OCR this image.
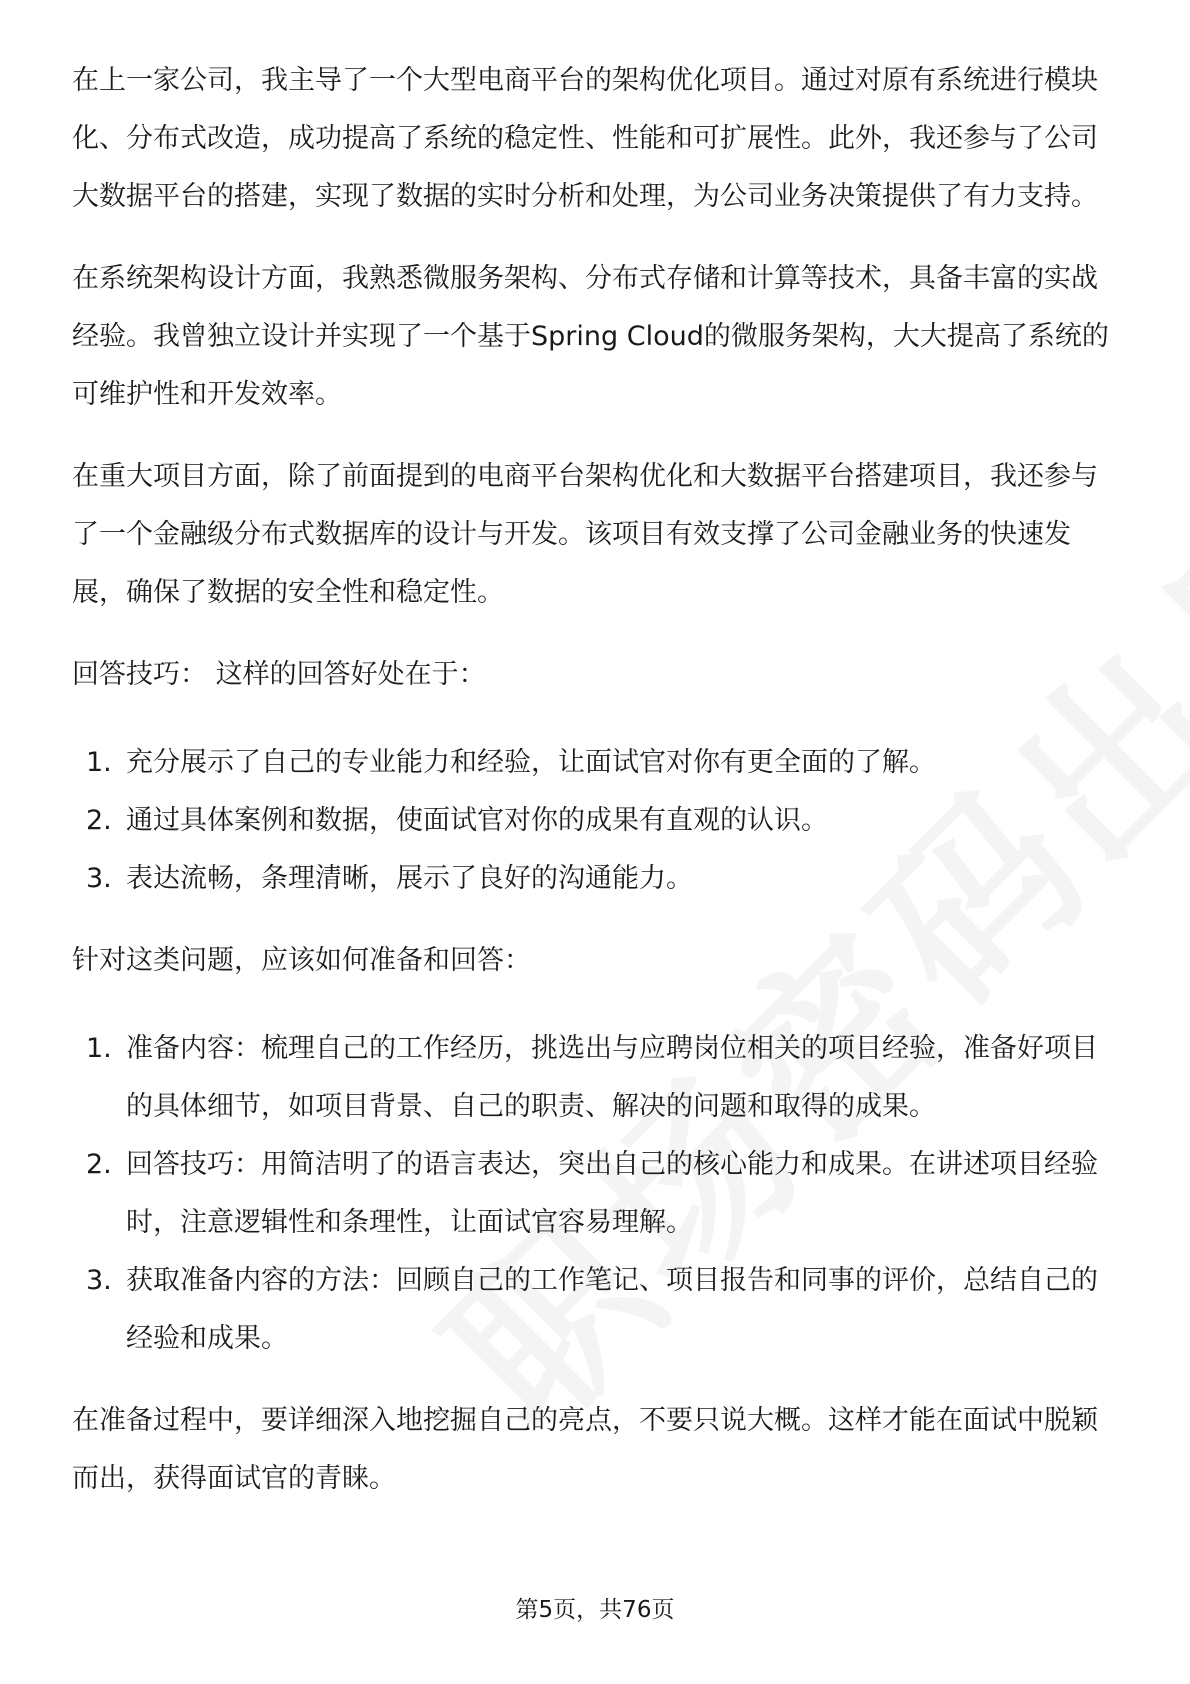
在上一家公司，我主导了一个大型电商平台的架构优化项目。通过对原有系统进行模块化、分布式改造，成功提高了系统的稳定性、性能和可扩展性。此外，我还参与了公司大数据平台的搭建，实现了数据的实时分析和处理，为公司业务决策提供了有力支持。

在系统架构设计方面，我熟悉微服务架构、分布式存储和计算等技术，具备丰富的实战经验。我曾独立设计并实现了一个基于Spring Cloud的微服务架构，大大提高了系统的可维护性和开发效率。

在重大项目方面，除了前面提到的电商平台架构优化和大数据平台搭建项目，我还参与了一个金融级分布式数据库的设计与开发。该项目有效支撑了公司金融业务的快速发展，确保了数据的安全性和稳定性。

回答技巧： 这样的回答好处在于：

1. 充分展示了自己的专业能力和经验，让面试官对你有更全面的了解。
2. 通过具体案例和数据，使面试官对你的成果有直观的认识。
3. 表达流畅，条理清晰，展示了良好的沟通能力。

针对这类问题，应该如何准备和回答：

1. 准备内容：梳理自己的工作经历，挑选出与应聘岗位相关的项目经验，准备好项目的具体细节，如项目背景、自己的职责、解决的问题和取得的成果。
2. 回答技巧：用简洁明了的语言表达，突出自己的核心能力和成果。在讲述项目经验时，注意逻辑性和条理性，让面试官容易理解。
3. 获取准备内容的方法：回顾自己的工作笔记、项目报告和同事的评价，总结自己的经验和成果。

在准备过程中，要详细深入地挖掘自己的亮点，不要只说大概。这样才能在面试中脱颖而出，获得面试官的青睐。

第5页，共76页
